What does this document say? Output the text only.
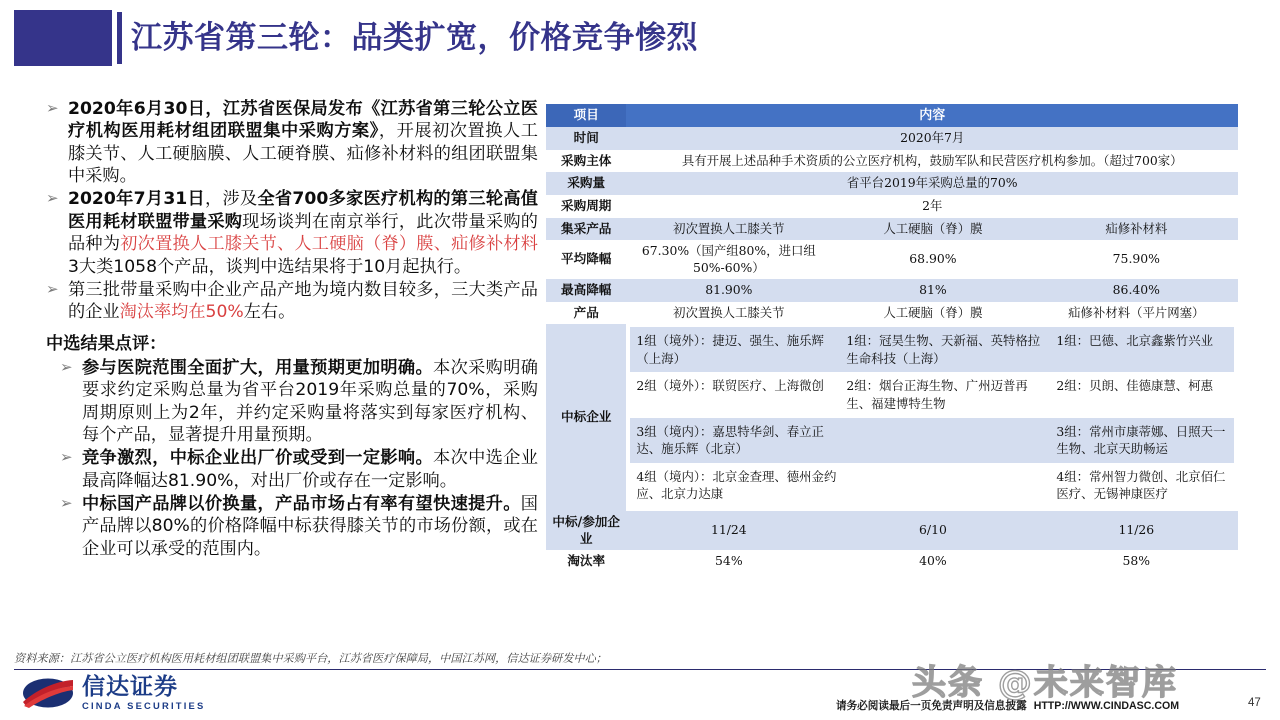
江苏省第三轮：品类扩宽，价格竞争惨烈
➢ 2020年6月30日，江苏省医保局发布《江苏省第三轮公立医疗机构医用耗材组团联盟集中采购方案》，开展初次置换人工膝关节、人工硬脑膜、人工硬脊膜、疝修补材料的组团联盟集中采购。
➢ 2020年7月31日，涉及全省700多家医疗机构的第三轮高值医用耗材联盟带量采购现场谈判在南京举行，此次带量采购的品种为初次置换人工膝关节、人工硬脑（脊）膜、疝修补材料3大类1058个产品，谈判中选结果将于10月起执行。
➢ 第三批带量采购中企业产品产地为境内数目较多，三大类产品的企业淘汰率均在50%左右。
中选结果点评：
➢ 参与医院范围全面扩大，用量预期更加明确。本次采购明确要求约定采购总量为省平台2019年采购总量的70%，采购周期原则上为2年，并约定采购量将落实到每家医疗机构、每个产品，显著提升用量预期。
➢ 竞争激烈，中标企业出厂价或受到一定影响。本次中选企业最高降幅达81.90%，对出厂价或存在一定影响。
➢ 中标国产品牌以价换量，产品市场占有率有望快速提升。国产品牌以80%的价格降幅中标获得膝关节的市场份额，或在企业可以承受的范围内。
项目	内容
时间	2020年7月
采购主体	具有开展上述品种手术资质的公立医疗机构，鼓励军队和民营医疗机构参加。（超过700家）
采购量	省平台2019年采购总量的70%
采购周期	2年
集采产品	初次置换人工膝关节	人工硬脑（脊）膜	疝修补材料
平均降幅	67.30%（国产组80%，进口组50%-60%）	68.90%	75.90%
最高降幅	81.90%	81%	86.40%
产品	初次置换人工膝关节	人工硬脑（脊）膜	疝修补材料（平片网塞）
中标企业	
1组（境外）：捷迈、强生、施乐辉（上海）	1组：冠昊生物、天新福、英特格拉生命科技（上海）	1组：巴德、北京鑫紫竹兴业
2组（境外）：联贸医疗、上海微创	2组：烟台正海生物、广州迈普再生、福建博特生物	2组：贝朗、佳德康慧、柯惠
3组（境内）：嘉思特华剑、春立正达、施乐辉（北京）		3组：常州市康蒂娜、日照天一生物、北京天助畅运
4组（境内）：北京金查理、德州金约应、北京力达康		4组：常州智力微创、北京佰仁医疗、无锡神康医疗

中标/参加企业	11/24	6/10	11/26
淘汰率	54%	40%	58%
资料来源：江苏省公立医疗机构医用耗材组团联盟集中采购平台，江苏省医疗保障局，中国江苏网，信达证券研发中心；
信达证券
CINDA SECURITIES
头条 @未来智库
请务必阅读最后一页免责声明及信息披露 HTTP://WWW.CINDASC.COM	47
